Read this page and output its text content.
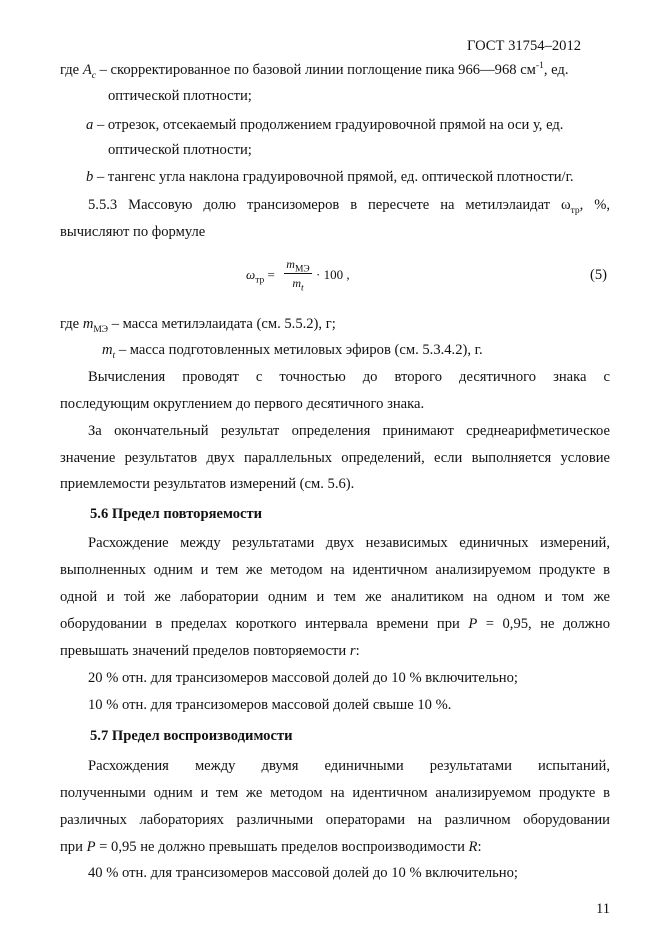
ГОСТ 31754–2012
где $A_c$ – скорректированное по базовой линии поглощение пика 966—968 $см^{-1}$, ед.
оптической плотности;
a – отрезок, отсекаемый продолжением градуировочной прямой на оси у, ед.
оптической плотности;
b – тангенс угла наклона градуировочной прямой, ед. оптической плотности/г.
5.5.3 Массовую долю трансизомеров в пересчете на метилэлаидат $\omega_{тр}$, %,
вычисляют по формуле
$\omega_{тр}$ =
$m_{МЭ}$
$m_t$
· 100 ,	(5)
где $m_{МЭ}$ – масса метилэлаидата (см. 5.5.2), г;
$m_t$ – масса подготовленных метиловых эфиров (см. 5.3.4.2), г.
Вычисления проводят с точностью до второго десятичного знака с
последующим округлением до первого десятичного знака.
За окончательный результат определения принимают среднеарифметическое
значение результатов двух параллельных определений, если выполняется условие
приемлемости результатов измерений (см. 5.6).
5.6 Предел повторяемости
Расхождение между результатами двух независимых единичных измерений,
выполненных одним и тем же методом на идентичном анализируемом продукте в
одной и той же лаборатории одним и тем же аналитиком на одном и том же
оборудовании в пределах короткого интервала времени при P = 0,95, не должно
превышать значений пределов повторяемости r:
20 % отн. для трансизомеров массовой долей до 10 % включительно;
10 % отн. для трансизомеров массовой долей свыше 10 %.
5.7 Предел воспроизводимости
Расхождения между двумя единичными результатами испытаний,
полученными одним и тем же методом на идентичном анализируемом продукте в
различных лабораториях различными операторами на различном оборудовании
при P = 0,95 не должно превышать пределов воспроизводимости R:
40 % отн. для трансизомеров массовой долей до 10 % включительно;
11
